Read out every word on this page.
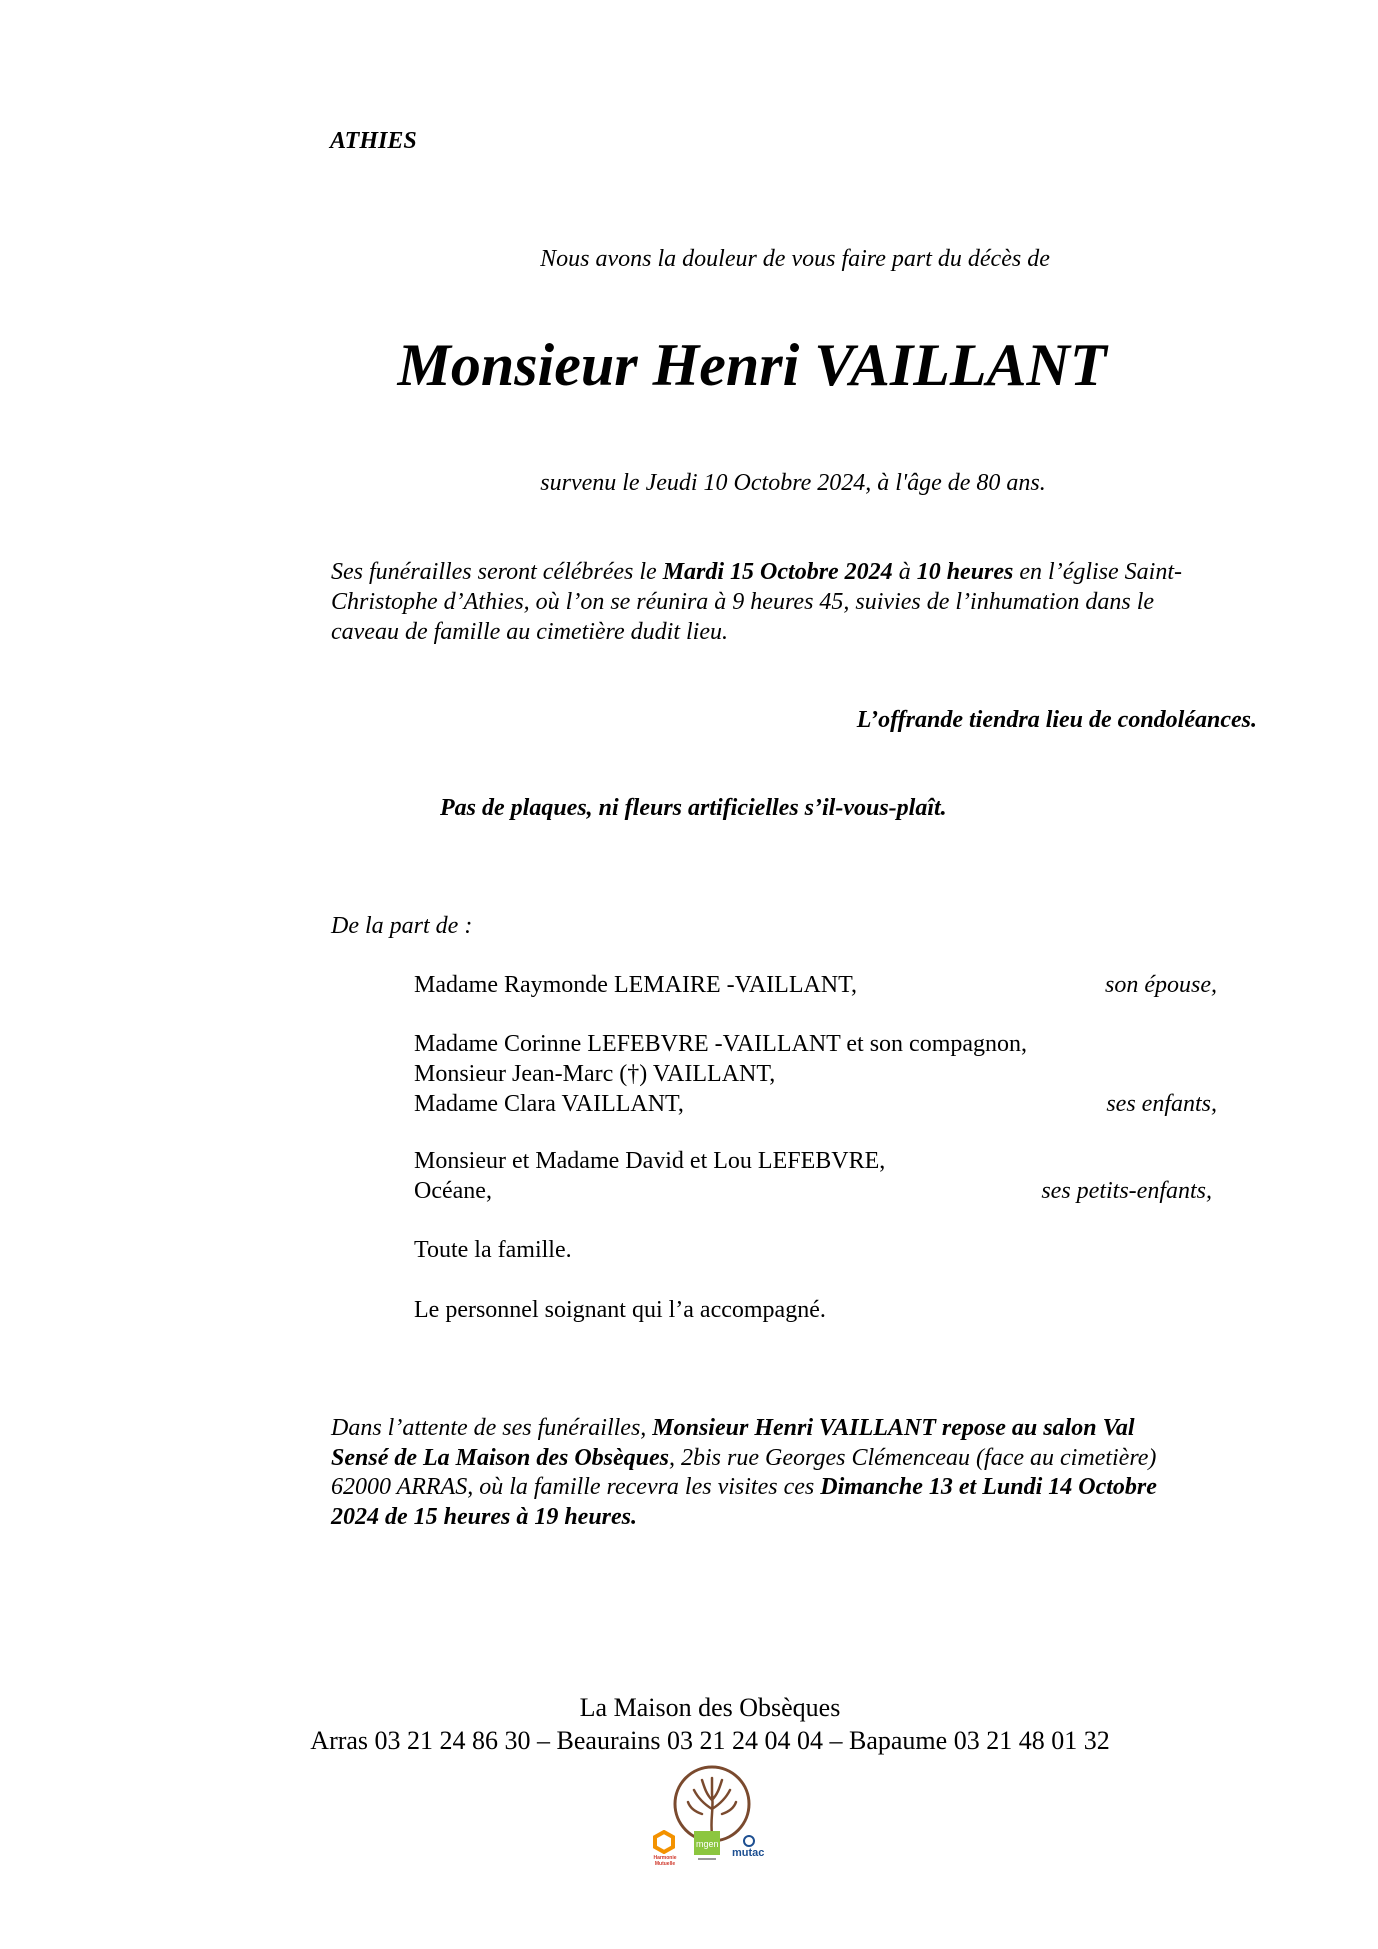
ATHIES
Nous avons la douleur de vous faire part du décès de
Monsieur Henri VAILLANT
survenu le Jeudi 10 Octobre 2024, à l'âge de 80 ans.
Ses funérailles seront célébrées le Mardi 15 Octobre 2024 à 10 heures en l’église Saint-
Christophe d’Athies, où l’on se réunira à 9 heures 45, suivies de l’inhumation dans le
caveau de famille au cimetière dudit lieu.
L’offrande tiendra lieu de condoléances.
Pas de plaques, ni fleurs artificielles s’il-vous-plaît.
De la part de :
Madame Raymonde LEMAIRE -VAILLANT,	son épouse,
Madame Corinne LEFEBVRE -VAILLANT et son compagnon,
Monsieur Jean-Marc (†) VAILLANT,
Madame Clara VAILLANT,	ses enfants,
Monsieur et Madame David et Lou LEFEBVRE,
Océane,	ses petits-enfants,
Toute la famille.
Le personnel soignant qui l’a accompagné.
Dans l’attente de ses funérailles, Monsieur Henri VAILLANT repose au salon Val
Sensé de La Maison des Obsèques, 2bis rue Georges Clémenceau (face au cimetière)
62000 ARRAS, où la famille recevra les visites ces Dimanche 13 et Lundi 14 Octobre
2024 de 15 heures à 19 heures.
La Maison des Obsèques
Arras 03 21 24 86 30 – Beaurains 03 21 24 04 04 – Bapaume 03 21 48 01 32
Harmonie Mutuelle
mgen
mutac
